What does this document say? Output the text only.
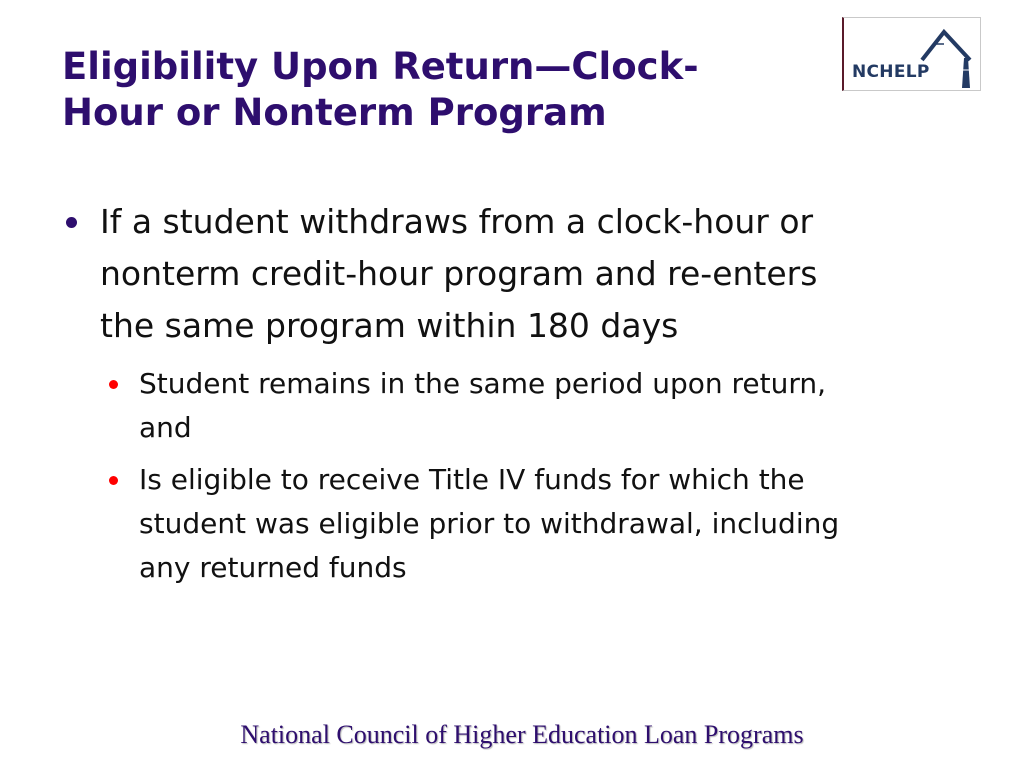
Eligibility Upon Return—Clock-
Hour or Nonterm Program
NCHELP
If a student withdraws from a clock-hour or
nonterm credit-hour program and re-enters
the same program within 180 days
Student remains in the same period upon return,
and
Is eligible to receive Title IV funds for which the
student was eligible prior to withdrawal, including
any returned funds
National Council of Higher Education Loan Programs
